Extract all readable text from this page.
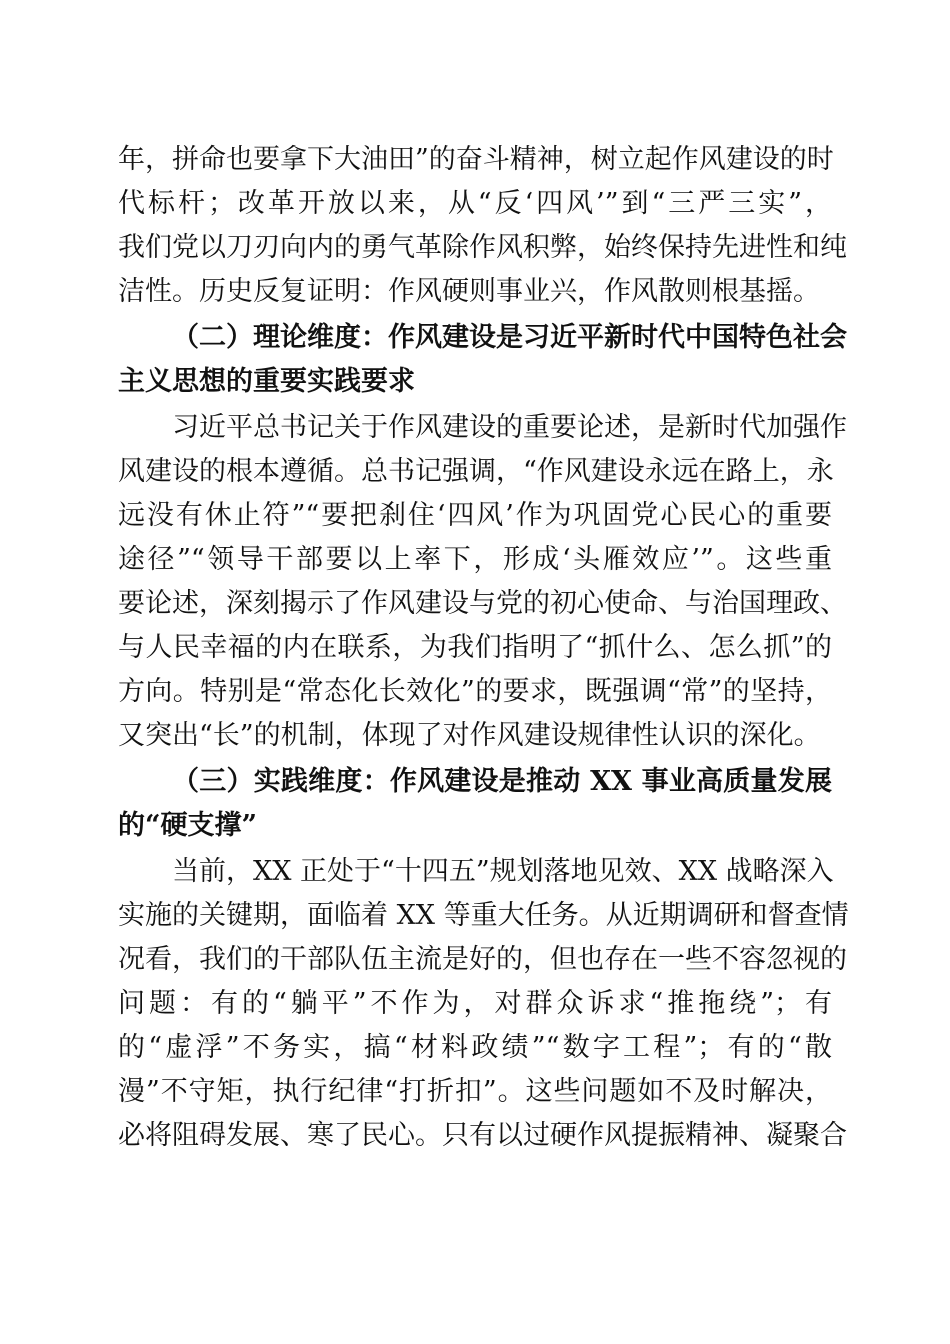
年，拼命也要拿下大油田”的奋斗精神，树立起作风建设的时
代标杆；改革开放以来，从“反‘四风’”到“三严三实”，
我们党以刀刃向内的勇气革除作风积弊，始终保持先进性和纯
洁性。历史反复证明：作风硬则事业兴，作风散则根基摇。
（二）理论维度：作风建设是习近平新时代中国特色社会
主义思想的重要实践要求
习近平总书记关于作风建设的重要论述，是新时代加强作
风建设的根本遵循。总书记强调，“作风建设永远在路上，永
远没有休止符”“要把刹住‘四风’作为巩固党心民心的重要
途径”“领导干部要以上率下，形成‘头雁效应’”。这些重
要论述，深刻揭示了作风建设与党的初心使命、与治国理政、
与人民幸福的内在联系，为我们指明了“抓什么、怎么抓”的
方向。特别是“常态化长效化”的要求，既强调“常”的坚持，
又突出“长”的机制，体现了对作风建设规律性认识的深化。
（三）实践维度：作风建设是推动 XX 事业高质量发展
的“硬支撑”
当前，XX 正处于“十四五”规划落地见效、XX 战略深入
实施的关键期，面临着 XX 等重大任务。从近期调研和督查情
况看，我们的干部队伍主流是好的，但也存在一些不容忽视的
问题：有的“躺平”不作为，对群众诉求“推拖绕”；有
的“虚浮”不务实，搞“材料政绩”“数字工程”；有的“散
漫”不守矩，执行纪律“打折扣”。这些问题如不及时解决，
必将阻碍发展、寒了民心。只有以过硬作风提振精神、凝聚合
